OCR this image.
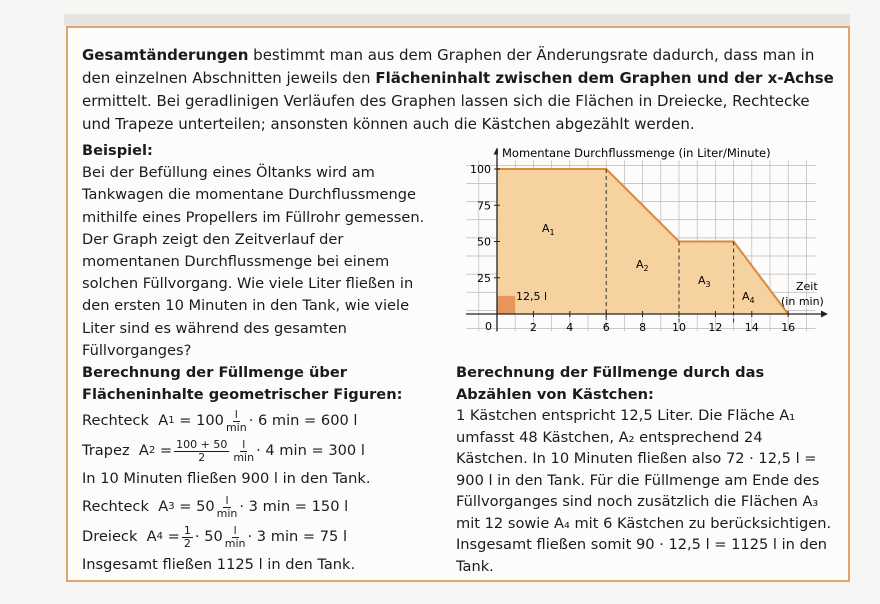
Gesamtänderungen bestimmt man aus dem Graphen der Änderungsrate dadurch, dass man in den einzelnen Abschnitten jeweils den Flächeninhalt zwischen dem Graphen und der x-Achse ermittelt. Bei geradlinigen Verläufen des Graphen lassen sich die Flächen in Dreiecke, Rechtecke und Trapeze unterteilen; ansonsten können auch die Kästchen abgezählt werden.
Beispiel:
Bei der Befüllung eines Öltanks wird am Tankwagen die momentane Durchflussmenge mithilfe eines Propellers im Füllrohr gemessen. Der Graph zeigt den Zeitverlauf der momentanen Durchflussmenge bei einem solchen Füllvorgang. Wie viele Liter fließen in den ersten 10 Minuten in den Tank, wie viele Liter sind es während des gesamten Füllvorganges?
2	4	6	8 10 12 14 16
25
50
75
100
0
Momentane Durchflussmenge (in Liter/Minute)
Zeit
(in min)
12,5 l
$A_1$
$A_2$
$A_3$
$A_4$
Berechnung der Füllmenge über Flächeninhalte geometrischer Figuren:
Rechteck A $1 = 100 \frac{l}{\min} \cdot 6$ min = 600 l
Trapez A $2 = \frac{100 + 50}{2} \frac{l}{\min} \cdot 4$ min = 300 l
In 10 Minuten fließen 900 l in den Tank.
Rechteck A $3 = 50 \frac{l}{\min} \cdot 3$ min = 150 l
Dreieck A $4 = \frac{1}{2} \cdot 50 \frac{l}{\min} \cdot 3$ min = 75 l
Insgesamt fließen 1125 l in den Tank.
Berechnung der Füllmenge durch das Abzählen von Kästchen:
1 Kästchen entspricht 12,5 Liter. Die Fläche A₁ umfasst 48 Kästchen, A₂ entsprechend 24 Kästchen. In 10 Minuten fließen also 72 · 12,5 l = 900 l in den Tank. Für die Füllmenge am Ende des Füllvorganges sind noch zusätzlich die Flächen A₃ mit 12 sowie A₄ mit 6 Kästchen zu berücksichtigen. Insgesamt fließen somit 90 · 12,5 l = 1125 l in den Tank.
